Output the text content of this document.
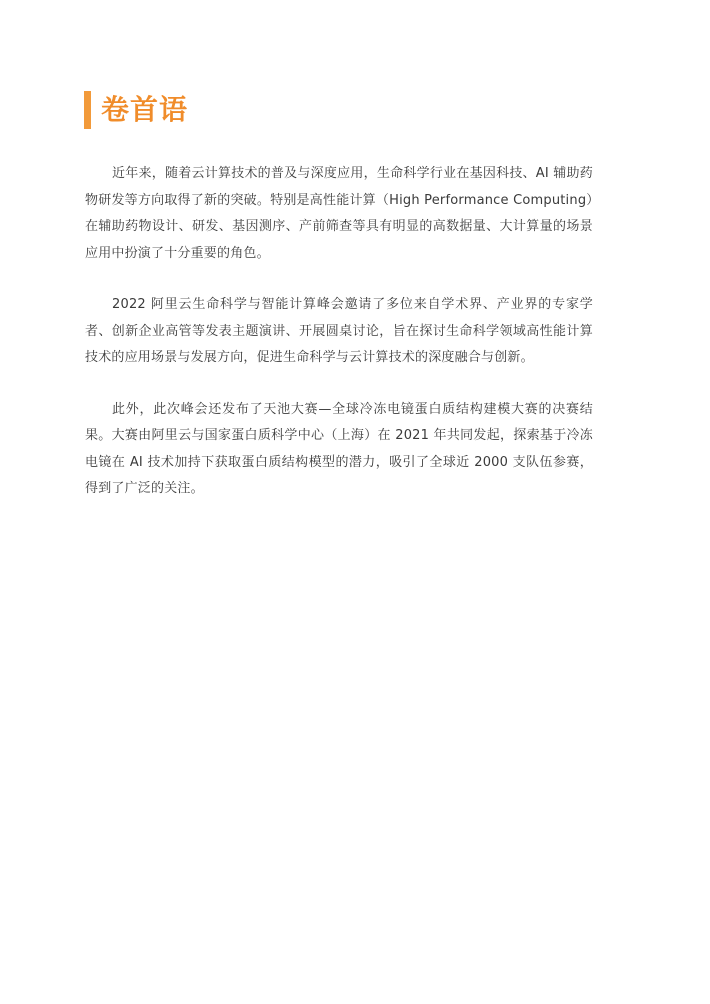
卷首语

近年来，随着云计算技术的普及与深度应用，生命科学行业在基因科技、AI 辅助药物研发等方向取得了新的突破。特别是高性能计算（High Performance Computing）在辅助药物设计、研发、基因测序、产前筛查等具有明显的高数据量、大计算量的场景应用中扮演了十分重要的角色。

2022 阿里云生命科学与智能计算峰会邀请了多位来自学术界、产业界的专家学者、创新企业高管等发表主题演讲、开展圆桌讨论，旨在探讨生命科学领域高性能计算技术的应用场景与发展方向，促进生命科学与云计算技术的深度融合与创新。

此外，此次峰会还发布了天池大赛—全球冷冻电镜蛋白质结构建模大赛的决赛结果。大赛由阿里云与国家蛋白质科学中心（上海）在 2021 年共同发起，探索基于冷冻电镜在 AI 技术加持下获取蛋白质结构模型的潜力，吸引了全球近 2000 支队伍参赛，得到了广泛的关注。
